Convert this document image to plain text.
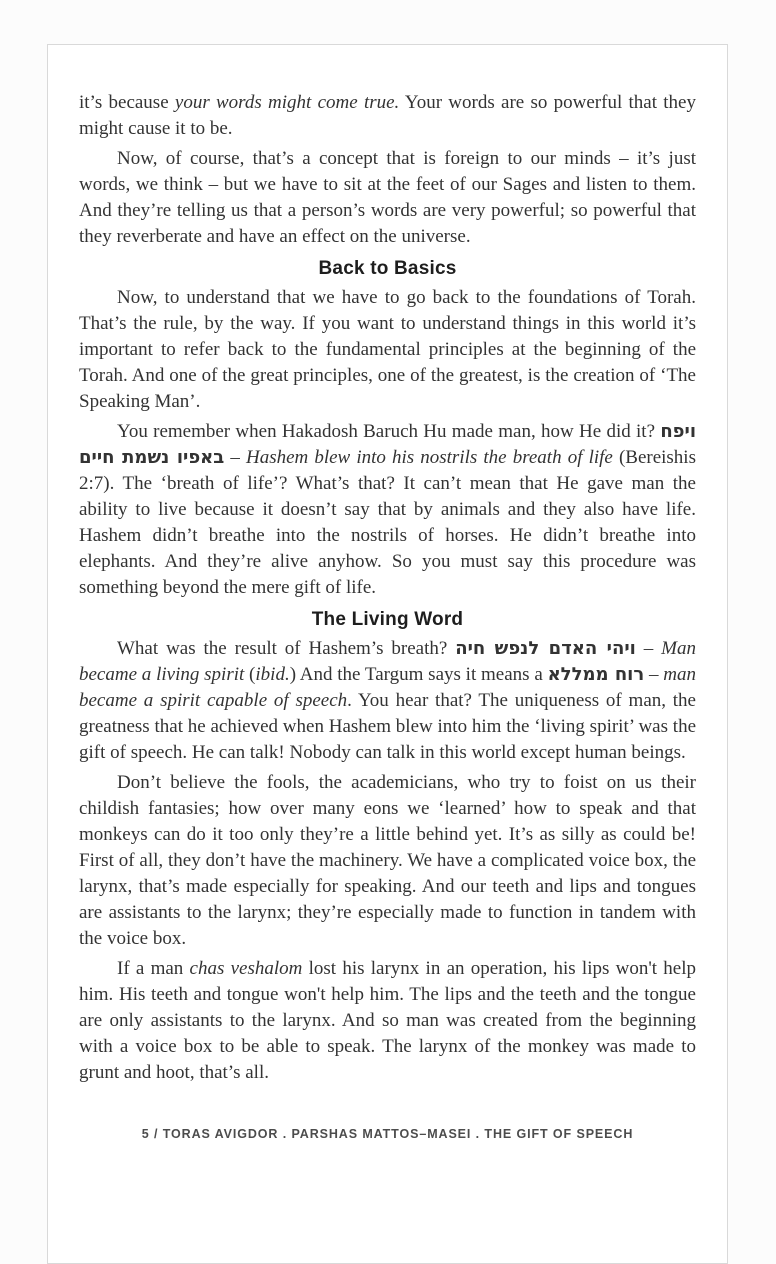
it’s because your words might come true. Your words are so powerful that they might cause it to be.

Now, of course, that’s a concept that is foreign to our minds – it’s just words, we think – but we have to sit at the feet of our Sages and listen to them. And they’re telling us that a person’s words are very powerful; so powerful that they reverberate and have an effect on the universe.

Back to Basics

Now, to understand that we have to go back to the foundations of Torah. That’s the rule, by the way. If you want to understand things in this world it’s important to refer back to the fundamental principles at the beginning of the Torah. And one of the great principles, one of the greatest, is the creation of ‘The Speaking Man’.

You remember when Hakadosh Baruch Hu made man, how He did it? ויפח באפיו נשמת חיים – Hashem blew into his nostrils the breath of life (Bereishis 2:7). The ‘breath of life’? What’s that? It can’t mean that He gave man the ability to live because it doesn’t say that by animals and they also have life. Hashem didn’t breathe into the nostrils of horses. He didn’t breathe into elephants. And they’re alive anyhow. So you must say this procedure was something beyond the mere gift of life.

The Living Word

What was the result of Hashem’s breath? ויהי האדם לנפש חיה – Man became a living spirit (ibid.) And the Targum says it means a רוח ממללא – man became a spirit capable of speech. You hear that? The uniqueness of man, the greatness that he achieved when Hashem blew into him the ‘living spirit’ was the gift of speech. He can talk! Nobody can talk in this world except human beings.

Don’t believe the fools, the academicians, who try to foist on us their childish fantasies; how over many eons we ‘learned’ how to speak and that monkeys can do it too only they’re a little behind yet. It’s as silly as could be! First of all, they don’t have the machinery. We have a complicated voice box, the larynx, that’s made especially for speaking. And our teeth and lips and tongues are assistants to the larynx; they’re especially made to function in tandem with the voice box.

If a man chas veshalom lost his larynx in an operation, his lips won't help him. His teeth and tongue won't help him. The lips and the teeth and the tongue are only assistants to the larynx. And so man was created from the beginning with a voice box to be able to speak. The larynx of the monkey was made to grunt and hoot, that’s all.

5 / TORAS AVIGDOR . PARSHAS MATTOS–MASEI . THE GIFT OF SPEECH
